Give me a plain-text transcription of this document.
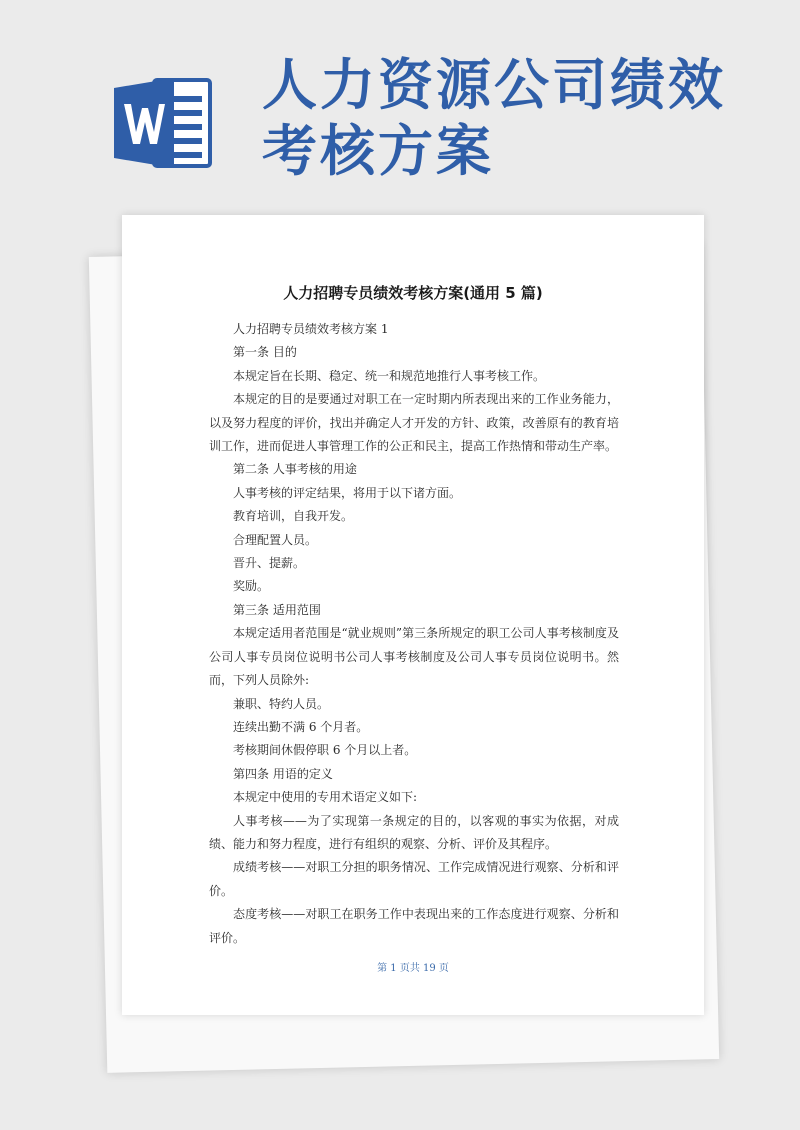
人力资源公司绩效考核方案
人力招聘专员绩效考核方案(通用 5 篇)

人力招聘专员绩效考核方案 1

第一条 目的

本规定旨在长期、稳定、统一和规范地推行人事考核工作。

本规定的目的是要通过对职工在一定时期内所表现出来的工作业务能力，以及努力程度的评价，找出并确定人才开发的方针、政策，改善原有的教育培训工作，进而促进人事管理工作的公正和民主，提高工作热情和带动生产率。

第二条 人事考核的用途

人事考核的评定结果，将用于以下诸方面。

教育培训，自我开发。

合理配置人员。

晋升、提薪。

奖励。

第三条 适用范围

本规定适用者范围是“就业规则”第三条所规定的职工公司人事考核制度及公司人事专员岗位说明书公司人事考核制度及公司人事专员岗位说明书。然而，下列人员除外:

兼职、特约人员。

连续出勤不满 6 个月者。

考核期间休假停职 6 个月以上者。

第四条 用语的定义

本规定中使用的专用术语定义如下:

人事考核——为了实现第一条规定的目的，以客观的事实为依据，对成绩、能力和努力程度，进行有组织的观察、分析、评价及其程序。

成绩考核——对职工分担的职务情况、工作完成情况进行观察、分析和评价。

态度考核——对职工在职务工作中表现出来的工作态度进行观察、分析和评价。

第 1 页共 19 页
